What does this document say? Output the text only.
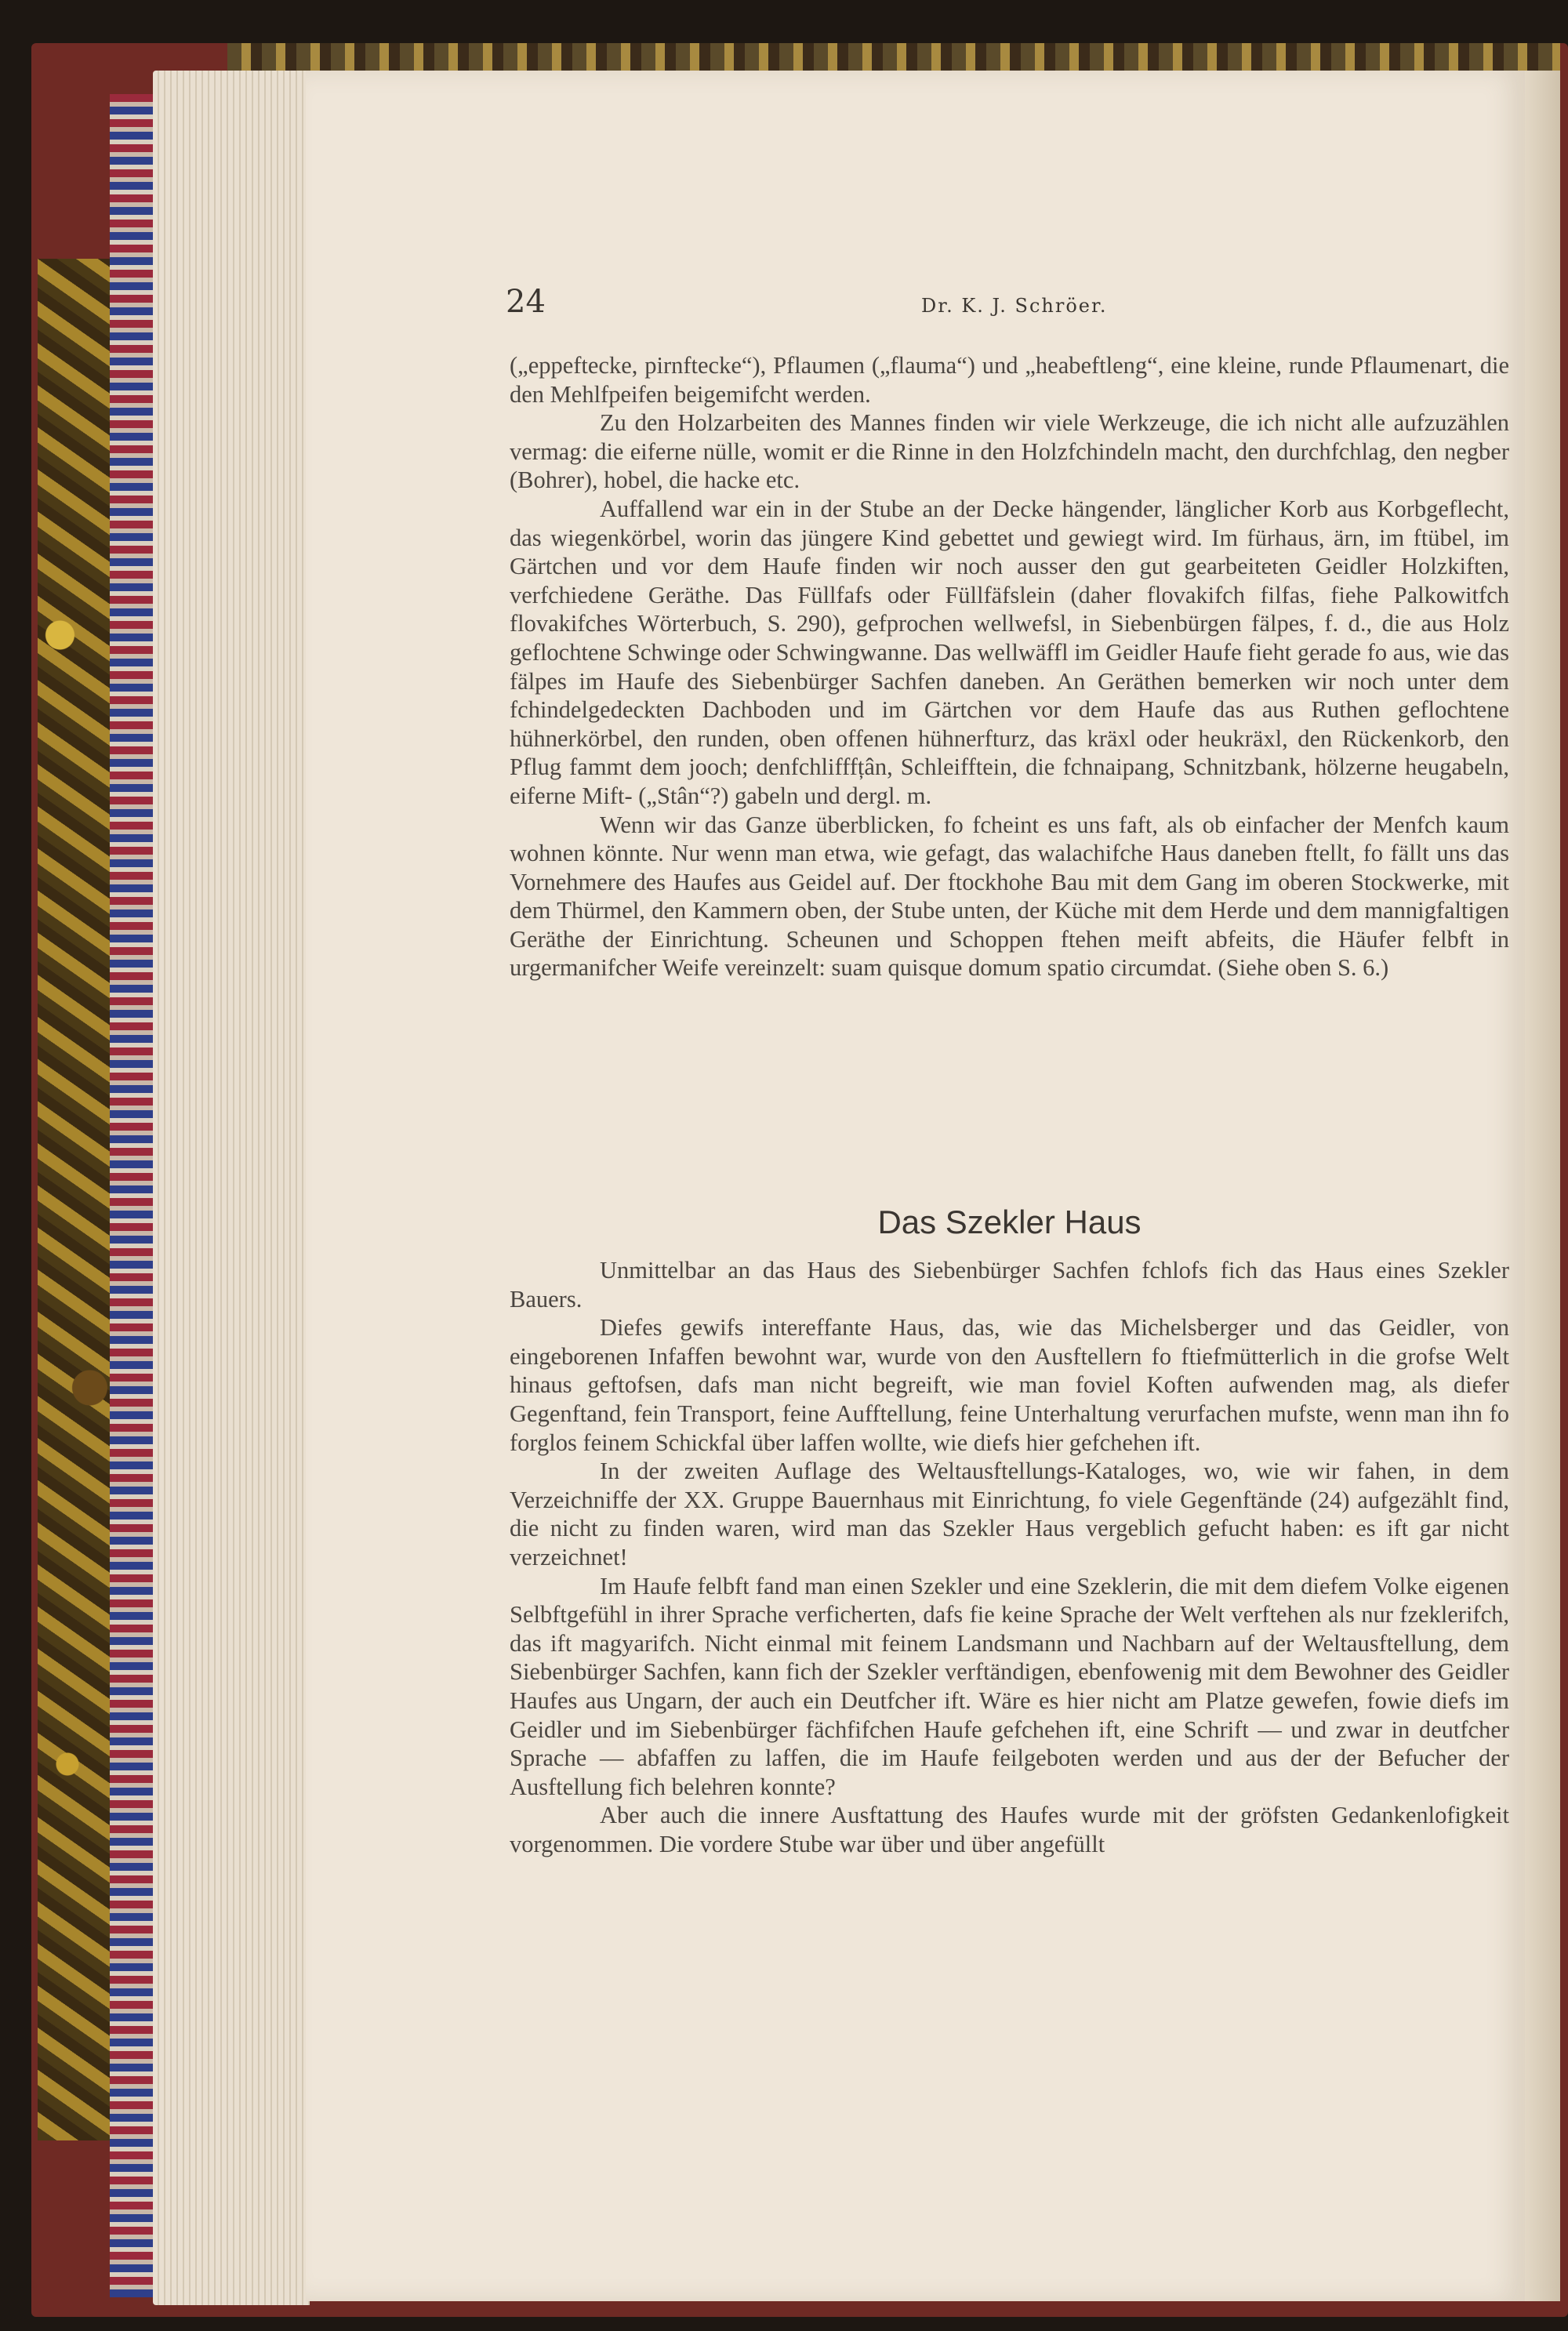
24	Dr. K. J. Schröer.

(„eppeftecke, pirnftecke“), Pflaumen („flauma“) und „heabeftleng“, eine kleine, runde Pflaumenart, die den Mehlfpeifen beigemifcht werden.

Zu den Holzarbeiten des Mannes finden wir viele Werkzeuge, die ich nicht alle aufzuzählen vermag: die eiferne nülle, womit er die Rinne in den Holzfchindeln macht, den durchfchlag, den negber (Bohrer), hobel, die hacke etc.

Auffallend war ein in der Stube an der Decke hängender, länglicher Korb aus Korbgeflecht, das wiegenkörbel, worin das jüngere Kind gebettet und gewiegt wird. Im fürhaus, ärn, im ftübel, im Gärtchen und vor dem Haufe finden wir noch ausser den gut gearbeiteten Geidler Holzkiften, verfchiedene Geräthe. Das Füllfafs oder Füllfäfslein (daher flovakifch filfas, fiehe Palkowitfch flovakifches Wörterbuch, S. 290), gefprochen wellwefsl, in Siebenbürgen fälpes, f. d., die aus Holz geflochtene Schwinge oder Schwingwanne. Das wellwäffl im Geidler Haufe fieht gerade fo aus, wie das fälpes im Haufe des Siebenbürger Sachfen daneben. An Geräthen bemerken wir noch unter dem fchindelgedeckten Dachboden und im Gärtchen vor dem Haufe das aus Ruthen geflochtene hühnerkörbel, den runden, oben offenen hühnerfturz, das kräxl oder heukräxl, den Rückenkorb, den Pflug fammt dem jooch; denfchlifffțân, Schleifftein, die fchnaipang, Schnitzbank, hölzerne heugabeln, eiferne Mift- („Stân“?) gabeln und dergl. m.

Wenn wir das Ganze überblicken, fo fcheint es uns faft, als ob einfacher der Menfch kaum wohnen könnte. Nur wenn man etwa, wie gefagt, das walachifche Haus daneben ftellt, fo fällt uns das Vornehmere des Haufes aus Geidel auf. Der ftockhohe Bau mit dem Gang im oberen Stockwerke, mit dem Thürmel, den Kammern oben, der Stube unten, der Küche mit dem Herde und dem mannigfaltigen Geräthe der Einrichtung. Scheunen und Schoppen ftehen meift abfeits, die Häufer felbft in urgermanifcher Weife vereinzelt: suam quisque domum spatio circumdat. (Siehe oben S. 6.)

Das Szekler Haus

Unmittelbar an das Haus des Siebenbürger Sachfen fchlofs fich das Haus eines Szekler Bauers.

Diefes gewifs intereffante Haus, das, wie das Michelsberger und das Geidler, von eingeborenen Infaffen bewohnt war, wurde von den Ausftellern fo ftiefmütterlich in die grofse Welt hinaus geftofsen, dafs man nicht begreift, wie man foviel Koften aufwenden mag, als diefer Gegenftand, fein Transport, feine Aufftellung, feine Unterhaltung verurfachen mufste, wenn man ihn fo forglos feinem Schickfal über laffen wollte, wie diefs hier gefchehen ift.

In der zweiten Auflage des Weltausftellungs-Kataloges, wo, wie wir fahen, in dem Verzeichniffe der XX. Gruppe Bauernhaus mit Einrichtung, fo viele Gegenftände (24) aufgezählt find, die nicht zu finden waren, wird man das Szekler Haus vergeblich gefucht haben: es ift gar nicht verzeichnet!

Im Haufe felbft fand man einen Szekler und eine Szeklerin, die mit dem diefem Volke eigenen Selbftgefühl in ihrer Sprache verficherten, dafs fie keine Sprache der Welt verftehen als nur fzeklerifch, das ift magyarifch. Nicht einmal mit feinem Landsmann und Nachbarn auf der Weltausftellung, dem Siebenbürger Sachfen, kann fich der Szekler verftändigen, ebenfowenig mit dem Bewohner des Geidler Haufes aus Ungarn, der auch ein Deutfcher ift. Wäre es hier nicht am Platze gewefen, fowie diefs im Geidler und im Siebenbürger fächfifchen Haufe gefchehen ift, eine Schrift — und zwar in deutfcher Sprache — abfaffen zu laffen, die im Haufe feilgeboten werden und aus der der Befucher der Ausftellung fich belehren konnte?

Aber auch die innere Ausftattung des Haufes wurde mit der gröfsten Gedankenlofigkeit vorgenommen. Die vordere Stube war über und über angefüllt
